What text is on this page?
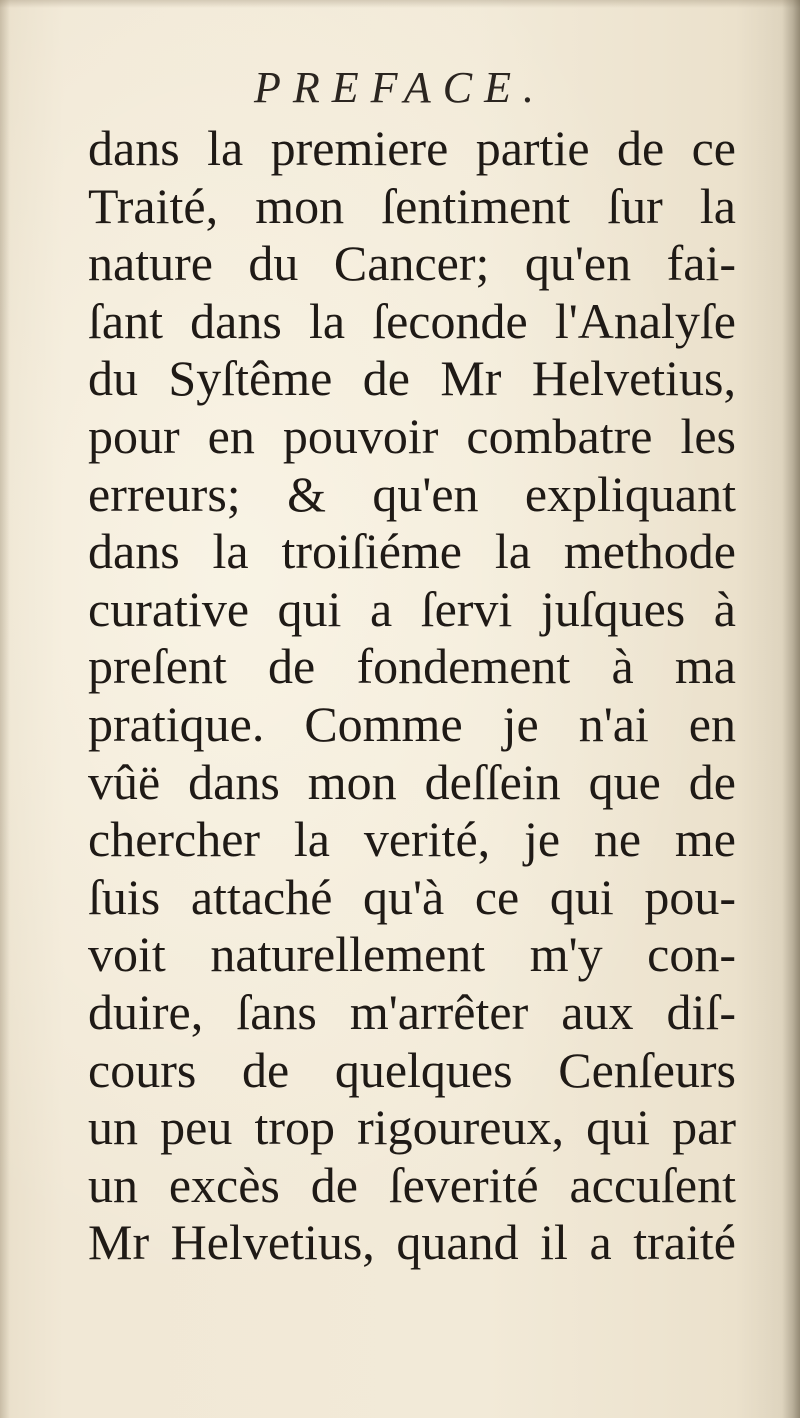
PREFACE.
dans la premiere partie de ce
Traité, mon ſentiment ſur la
nature du Cancer; qu'en fai-
ſant dans la ſeconde l'Analyſe
du Syſtême de Mr Helvetius,
pour en pouvoir combatre les
erreurs; & qu'en expliquant
dans la troiſiéme la methode
curative qui a ſervi juſques à
preſent de fondement à ma
pratique. Comme je n'ai en
vûë dans mon deſſein que de
chercher la verité, je ne me
ſuis attaché qu'à ce qui pou-
voit naturellement m'y con-
duire, ſans m'arrêter aux diſ-
cours de quelques Cenſeurs
un peu trop rigoureux, qui par
un excès de ſeverité accuſent
Mr Helvetius, quand il a traité
